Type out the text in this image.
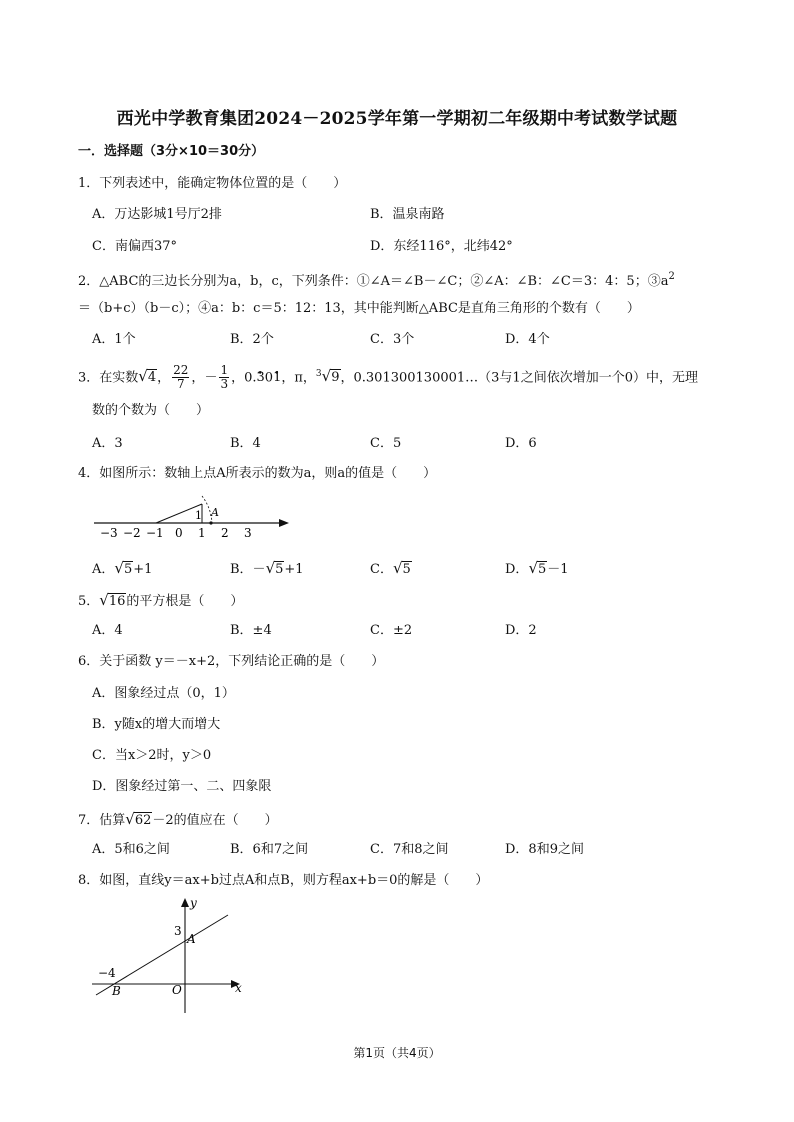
西光中学教育集团2024－2025学年第一学期初二年级期中考试数学试题
一．选择题（3分×10＝30分）
1．下列表述中，能确定物体位置的是（　　）
A．万达影城1号厅2排	B．温泉南路
C．南偏西37°	D．东经116°，北纬42°
2．△ABC的三边长分别为a，b，c，下列条件：①∠A＝∠B－∠C；②∠A：∠B：∠C＝3：4：5；$③a^2$
＝（b+c）（b－c）；④a：b：c＝5：12：13，其中能判断△ABC是直角三角形的个数有（　　）
A．1个	B．2个	C．3个	D．4个
3．在实数√4， $\frac{22}{7}$ ，－ $\frac{1}{3}$ ，0.• 30• 1，π，$^3$√9，0.301300130001…（3与1之间依次增加一个0）中，无理
数的个数为（　　）
A．3	B．4	C．5	D．6
4．如图所示：数轴上点A所表示的数为a，则a的值是（　　）
1 A
−3 −2 −1 0 1 2 3
A．√5+1	B．－√5+1	C．√5	D．√5－1
5．√16的平方根是（　　）
A．4	B．±4	C．±2	D．2
6．关于函数 y＝－x+2，下列结论正确的是（　　）
A．图象经过点（0，1）
B．y随x的增大而增大
C．当x＞2时，y＞0
D．图象经过第一、二、四象限
7．估算√62－2的值应在（　　）
A．5和6之间	B．6和7之间	C．7和8之间	D．8和9之间
8．如图，直线y＝ax+b过点A和点B，则方程ax+b＝0的解是（　　）
y
x
O
3
A
−4
B
第1页（共4页）
